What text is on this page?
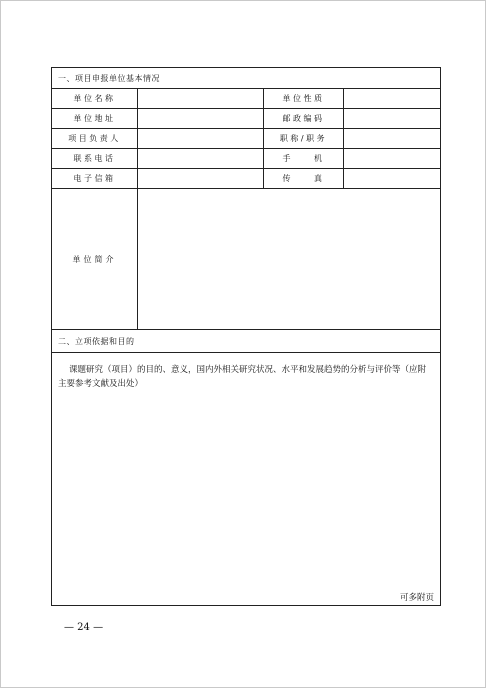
一、项目申报单位基本情况			
单位名称		单位性质	
单位地址		邮政编码	
项目负责人		职称/职务	
联系电话		手　　机	
电子信箱		传　　真	
单位简介			
二、立项依据和目的			

课题研究（项目）的目的、意义，国内外相关研究状况、水平和发展趋势的分析与评价等（应附主要参考文献及出处）
可多附页			
— 24 —
